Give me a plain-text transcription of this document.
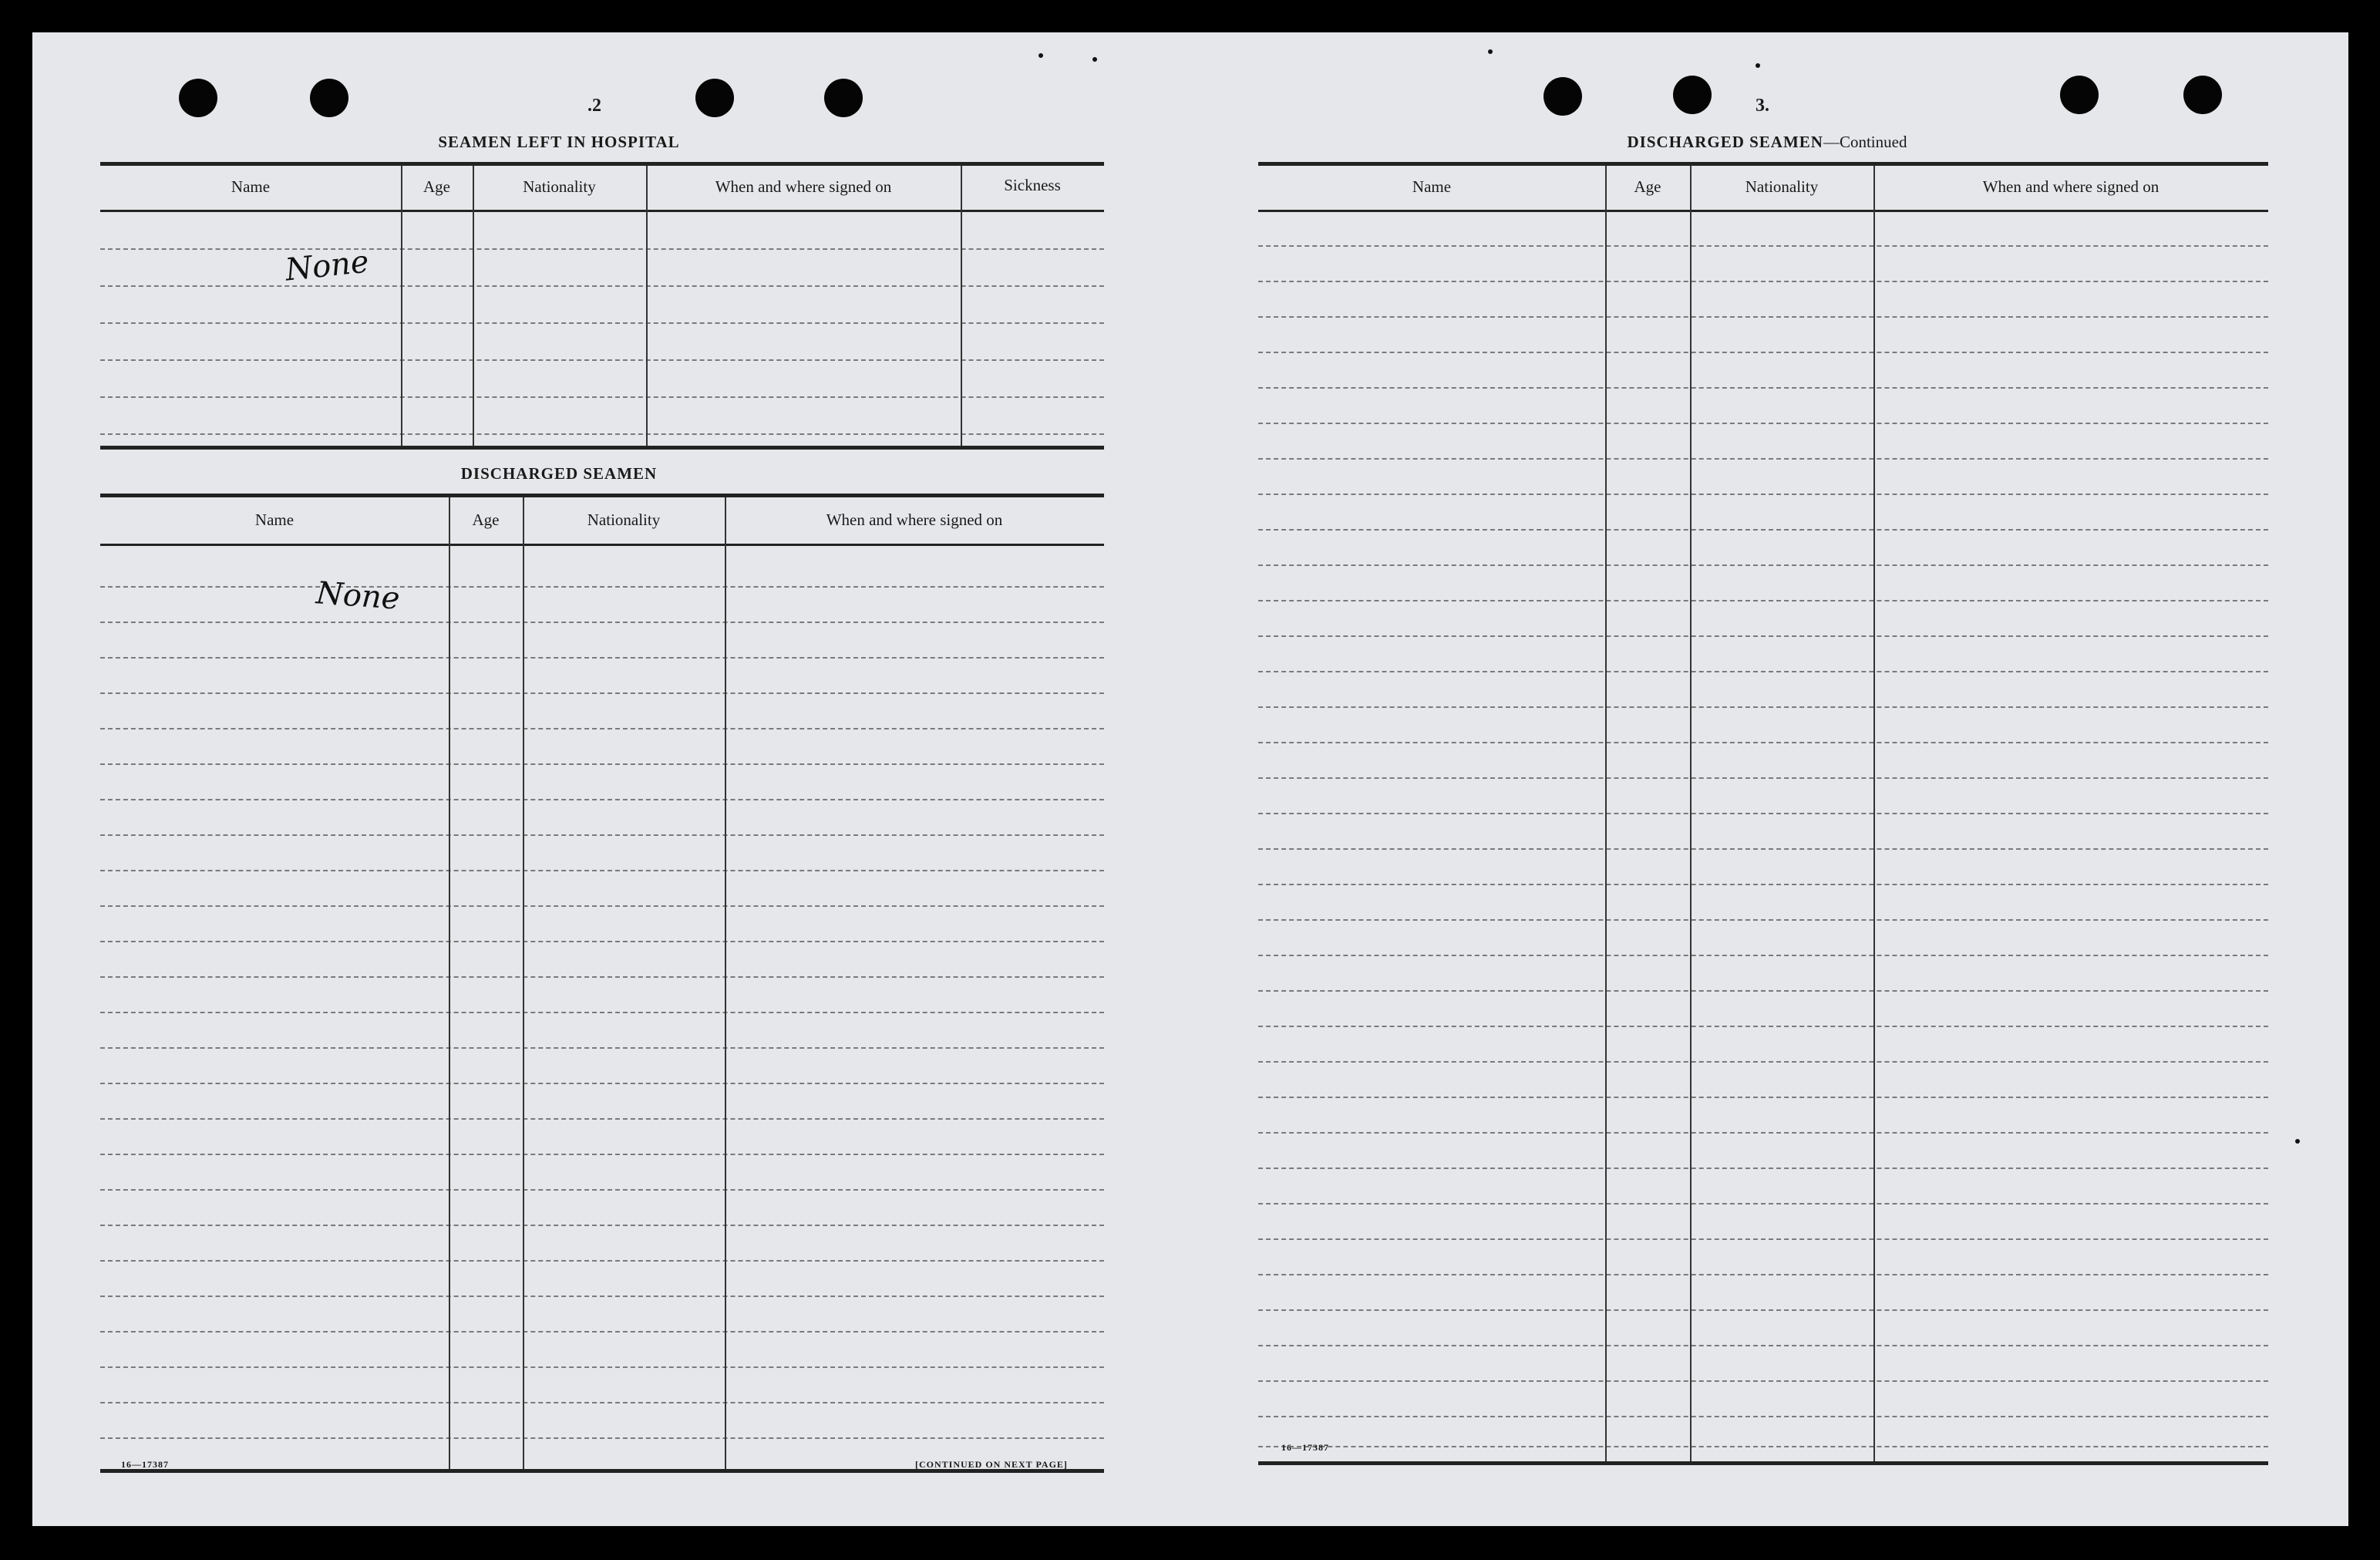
.2
SEAMEN LEFT IN HOSPITAL
Name	Age	Nationality	When and where signed on	Sickness
None
DISCHARGED SEAMEN
Name	Age	Nationality	When and where signed on
None
16—17387	[CONTINUED ON NEXT PAGE]
3.
DISCHARGED SEAMEN—Continued
Name	Age	Nationality	When and where signed on
16—17387
